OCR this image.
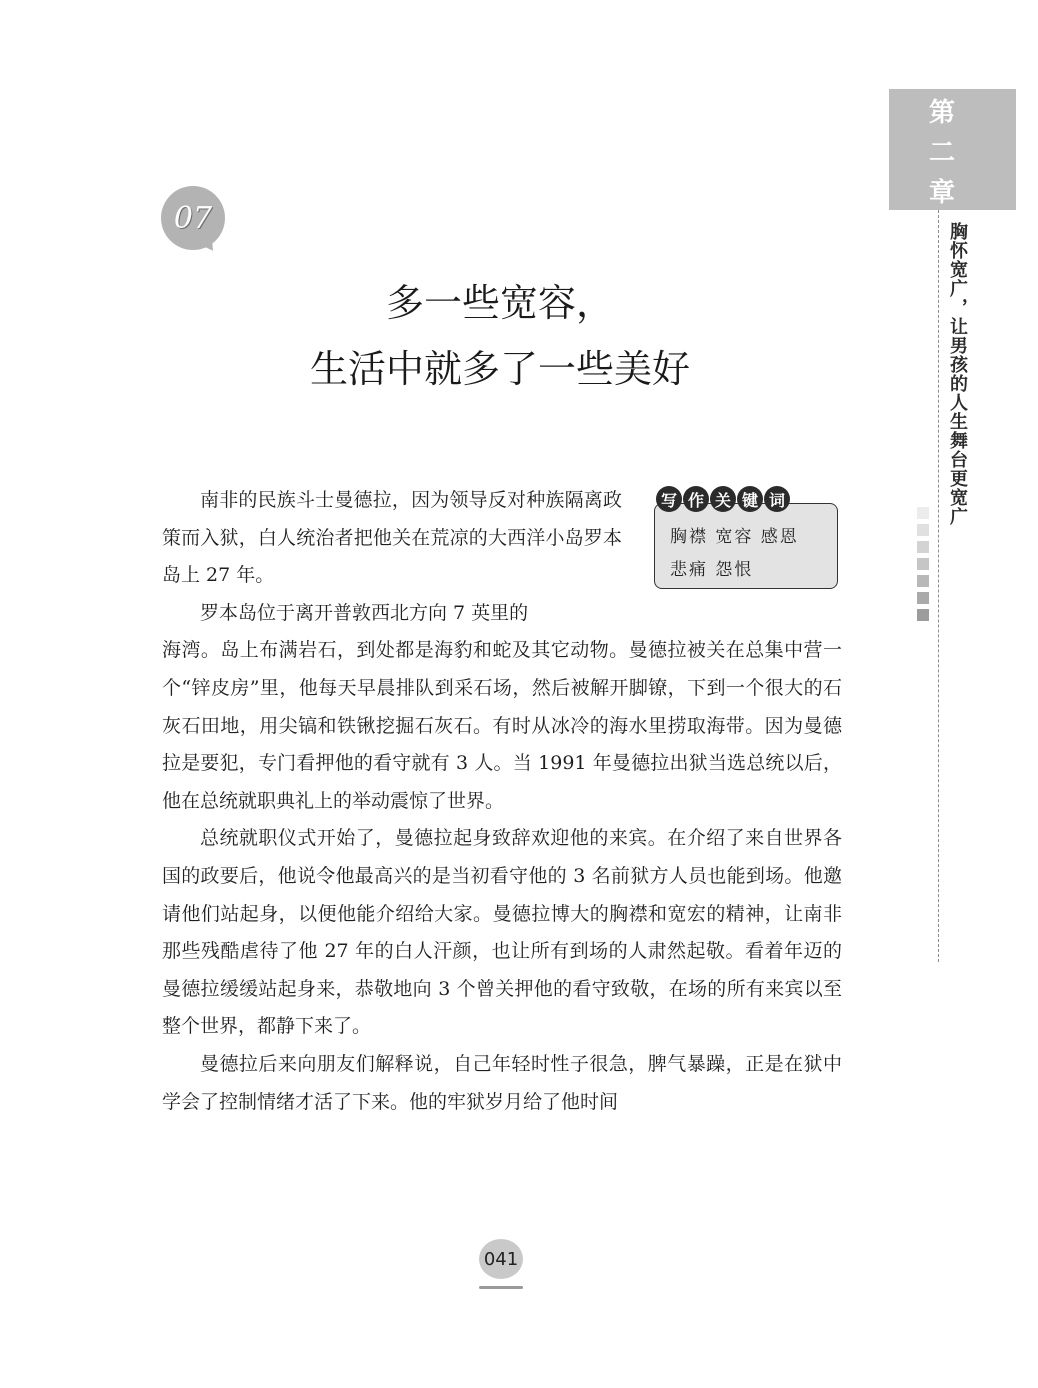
第
二
章
胸怀宽广，让男孩的人生舞台更宽广
07
多一些宽容，
生活中就多了一些美好
写 作 关 键 词
胸襟 宽容 感恩
悲痛 怨恨

南非的民族斗士曼德拉，因为领导反对种族隔离政策而入狱，白人统治者把他关在荒凉的大西洋小岛罗本岛上 27 年。

罗本岛位于离开普敦西北方向 7 英里的

海湾。岛上布满岩石，到处都是海豹和蛇及其它动物。曼德拉被关在总集中营一个“锌皮房”里，他每天早晨排队到采石场，然后被解开脚镣，下到一个很大的石灰石田地，用尖镐和铁锹挖掘石灰石。有时从冰冷的海水里捞取海带。因为曼德拉是要犯，专门看押他的看守就有 3 人。当 1991 年曼德拉出狱当选总统以后，他在总统就职典礼上的举动震惊了世界。

总统就职仪式开始了，曼德拉起身致辞欢迎他的来宾。在介绍了来自世界各国的政要后，他说令他最高兴的是当初看守他的 3 名前狱方人员也能到场。他邀请他们站起身，以便他能介绍给大家。曼德拉博大的胸襟和宽宏的精神，让南非那些残酷虐待了他 27 年的白人汗颜，也让所有到场的人肃然起敬。看着年迈的曼德拉缓缓站起身来，恭敬地向 3 个曾关押他的看守致敬，在场的所有来宾以至整个世界，都静下来了。

曼德拉后来向朋友们解释说，自己年轻时性子很急，脾气暴躁，正是在狱中学会了控制情绪才活了下来。他的牢狱岁月给了他时间

041
